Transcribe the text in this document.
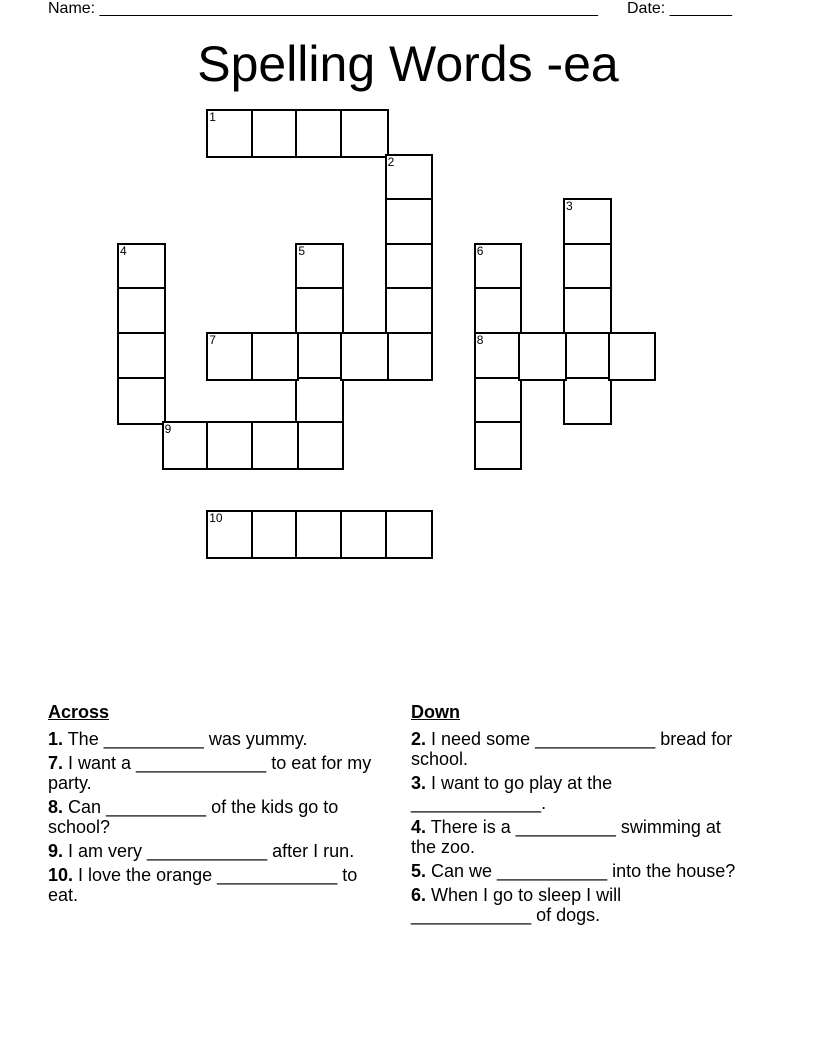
Name: ________________________________________________________ Date: _______
Spelling Words -ea
1
2
3
4	5	6
8
7
9
10
Across
1. The __________ was yummy.
7. I want a _____________ to eat for my party.
8. Can __________ of the kids go to school?
9. I am very ____________ after I run.
10. I love the orange ____________ to eat.
Down
2. I need some ____________ bread for school.
3. I want to go play at the _____________.
4. There is a __________ swimming at the zoo.
5. Can we ___________ into the house?
6. When I go to sleep I will ____________ of dogs.
